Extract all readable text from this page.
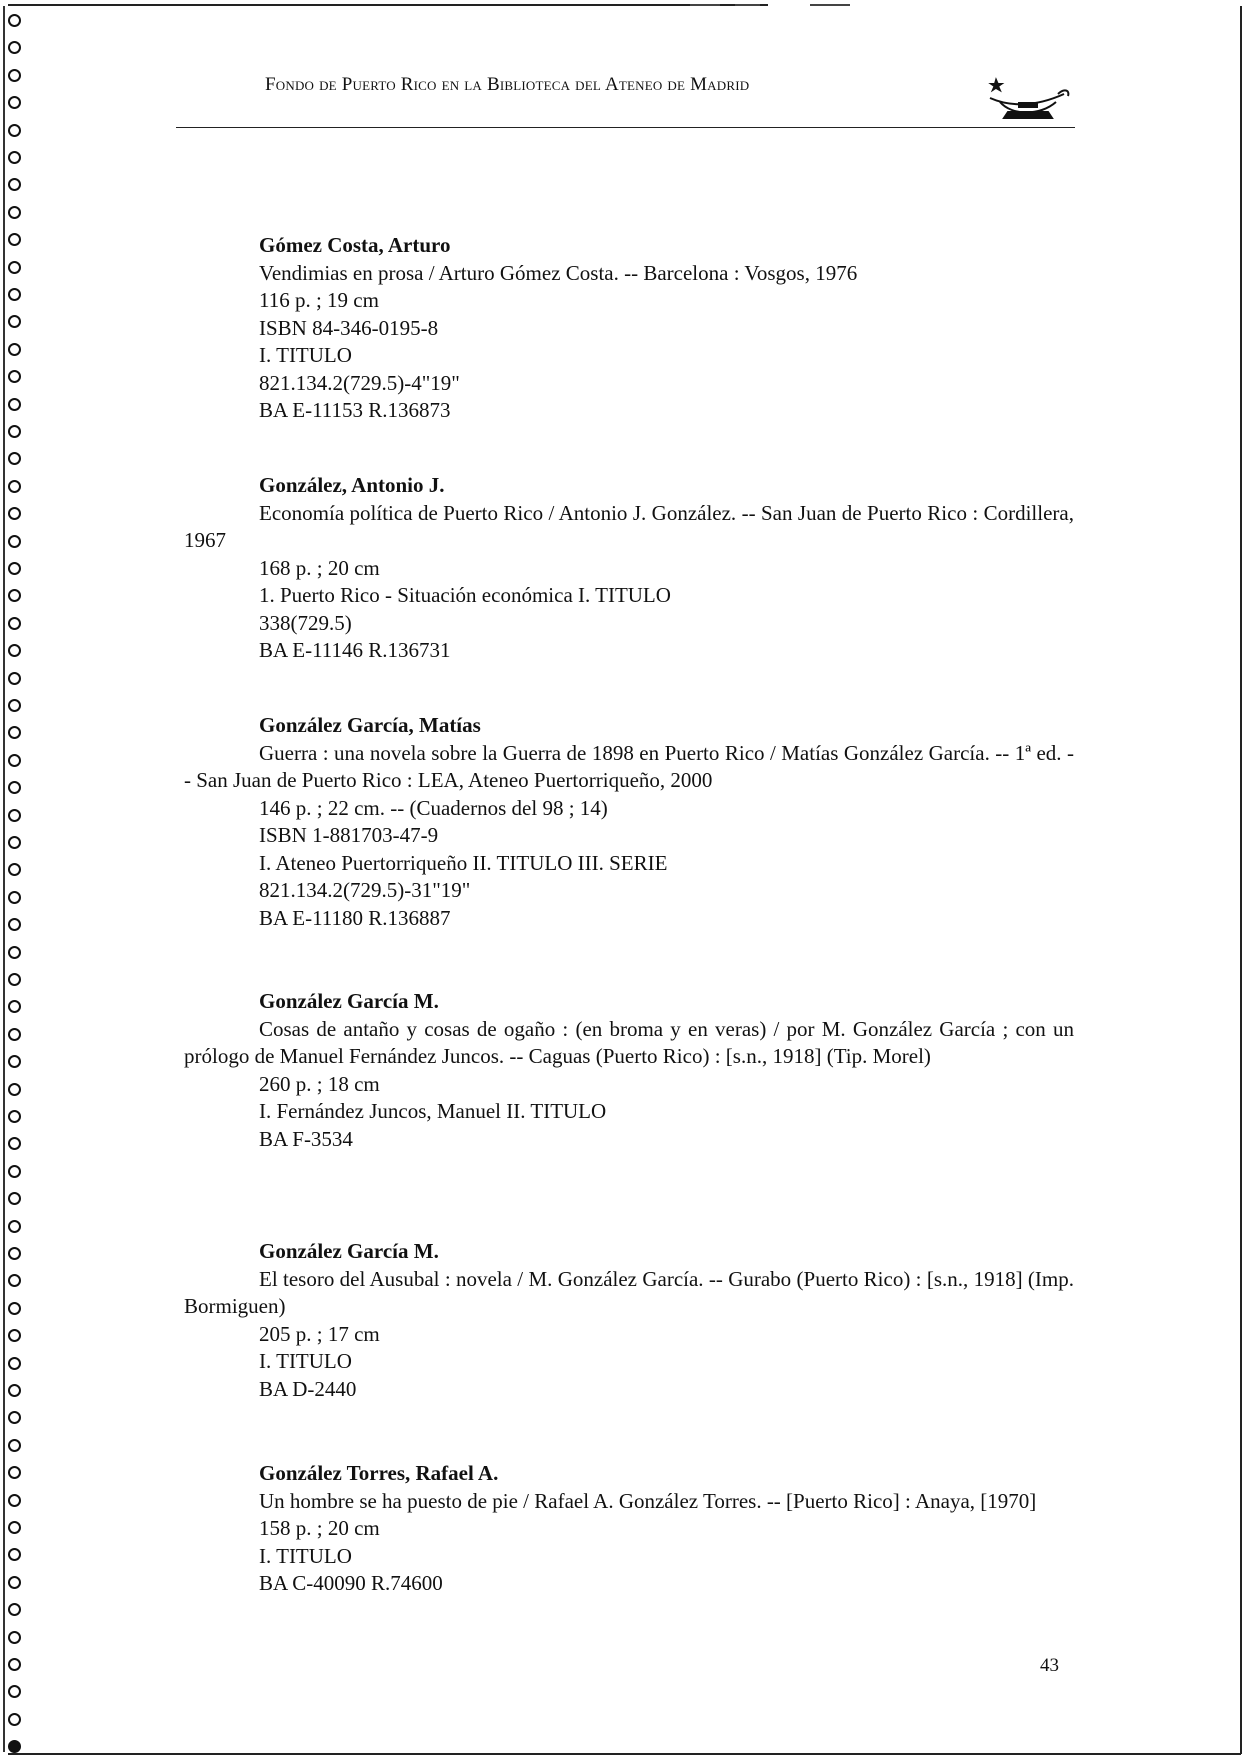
Fondo de Puerto Rico en la Biblioteca del Ateneo de Madrid
Gómez Costa, Arturo
Vendimias en prosa / Arturo Gómez Costa. -- Barcelona : Vosgos, 1976
116 p. ; 19 cm
ISBN 84-346-0195-8
I. TITULO
821.134.2(729.5)-4"19"
BA E-11153 R.136873
González, Antonio J.
Economía política de Puerto Rico / Antonio J. González. -- San Juan de Puerto Rico : Cordillera, 1967
168 p. ; 20 cm
1. Puerto Rico - Situación económica I. TITULO
338(729.5)
BA E-11146 R.136731
González García, Matías
Guerra : una novela sobre la Guerra de 1898 en Puerto Rico / Matías González García. -- 1ª ed. -- San Juan de Puerto Rico : LEA, Ateneo Puertorriqueño, 2000
146 p. ; 22 cm. -- (Cuadernos del 98 ; 14)
ISBN 1-881703-47-9
I. Ateneo Puertorriqueño II. TITULO III. SERIE
821.134.2(729.5)-31"19"
BA E-11180 R.136887
González García M.
Cosas de antaño y cosas de ogaño : (en broma y en veras) / por M. González García ; con un prólogo de Manuel Fernández Juncos. -- Caguas (Puerto Rico) : [s.n., 1918] (Tip. Morel)
260 p. ; 18 cm
I. Fernández Juncos, Manuel II. TITULO
BA F-3534
González García M.
El tesoro del Ausubal : novela / M. González García. -- Gurabo (Puerto Rico) : [s.n., 1918] (Imp. Bormiguen)
205 p. ; 17 cm
I. TITULO
BA D-2440
González Torres, Rafael A.
Un hombre se ha puesto de pie / Rafael A. González Torres. -- [Puerto Rico] : Anaya, [1970]
158 p. ; 20 cm
I. TITULO
BA C-40090 R.74600
43
